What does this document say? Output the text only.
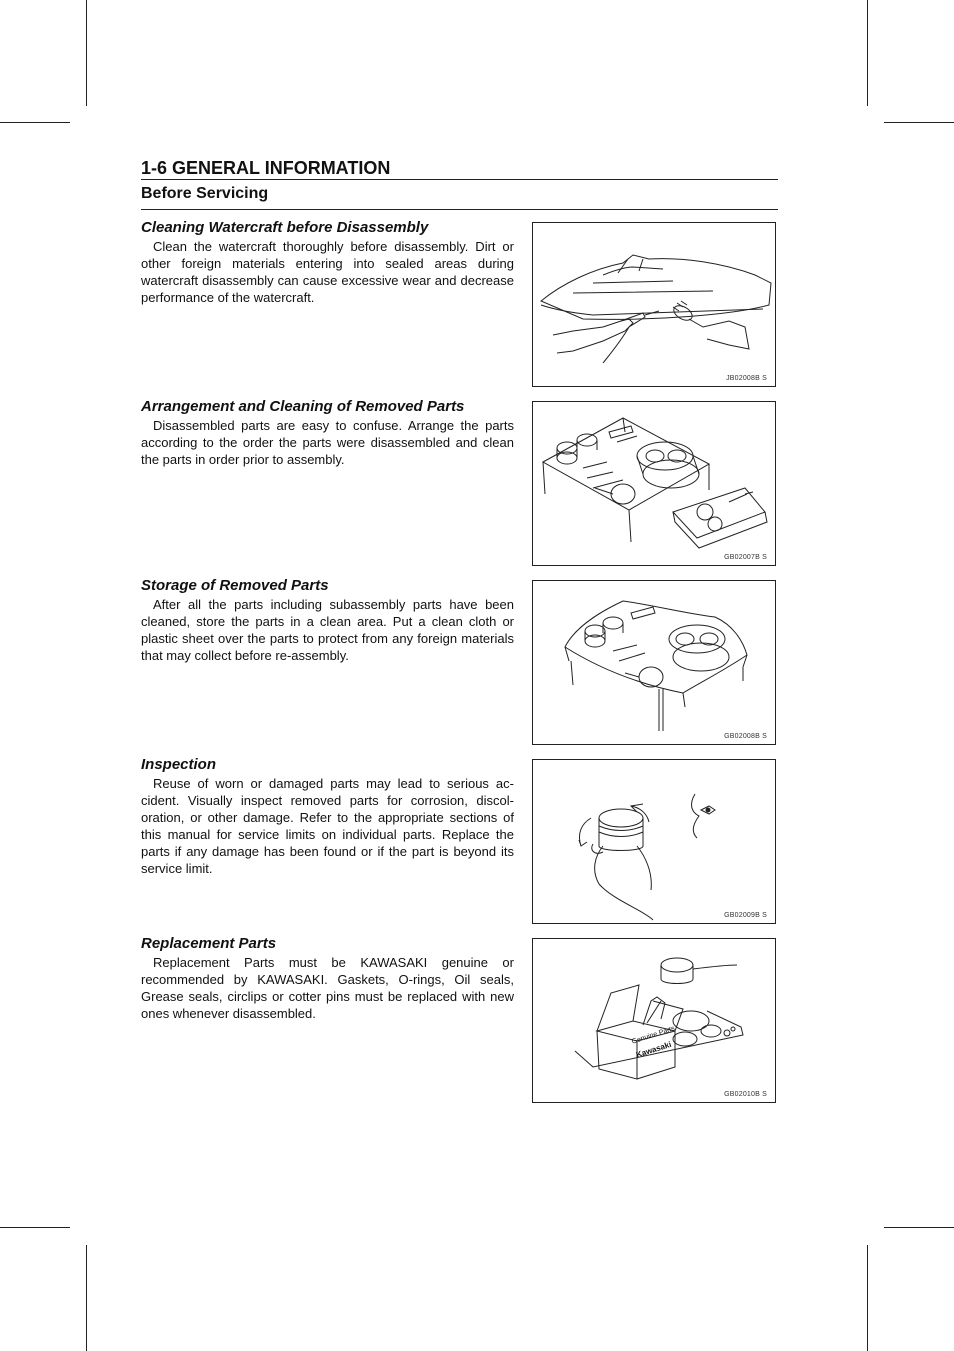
1-6 GENERAL INFORMATION
Before Servicing
Cleaning Watercraft before Disassembly

Clean the watercraft thoroughly before disassembly. Dirt or other foreign materials entering into sealed areas during watercraft disassembly can cause excessive wear and decrease performance of the watercraft.

JB02008B S
Arrangement and Cleaning of Removed Parts

Disassembled parts are easy to confuse. Arrange the parts according to the order the parts were disassembled and clean the parts in order prior to assembly.

GB02007B S
Storage of Removed Parts

After all the parts including subassembly parts have been cleaned, store the parts in a clean area. Put a clean cloth or plastic sheet over the parts to protect from any foreign materials that may collect before re-assembly.

GB02008B S
Inspection

Reuse of worn or damaged parts may lead to serious accident. Visually inspect removed parts for corrosion, discoloration, or other damage. Refer to the appropriate sections of this manual for service limits on individual parts. Replace the parts if any damage has been found or if the part is beyond its service limit.

GB02009B S
Replacement Parts

Replacement Parts must be KAWASAKI genuine or recommended by KAWASAKI. Gaskets, O-rings, Oil seals, Grease seals, circlips or cotter pins must be replaced with new ones whenever disassembled.

Genuine Parts
Kawasaki
GB02010B S
